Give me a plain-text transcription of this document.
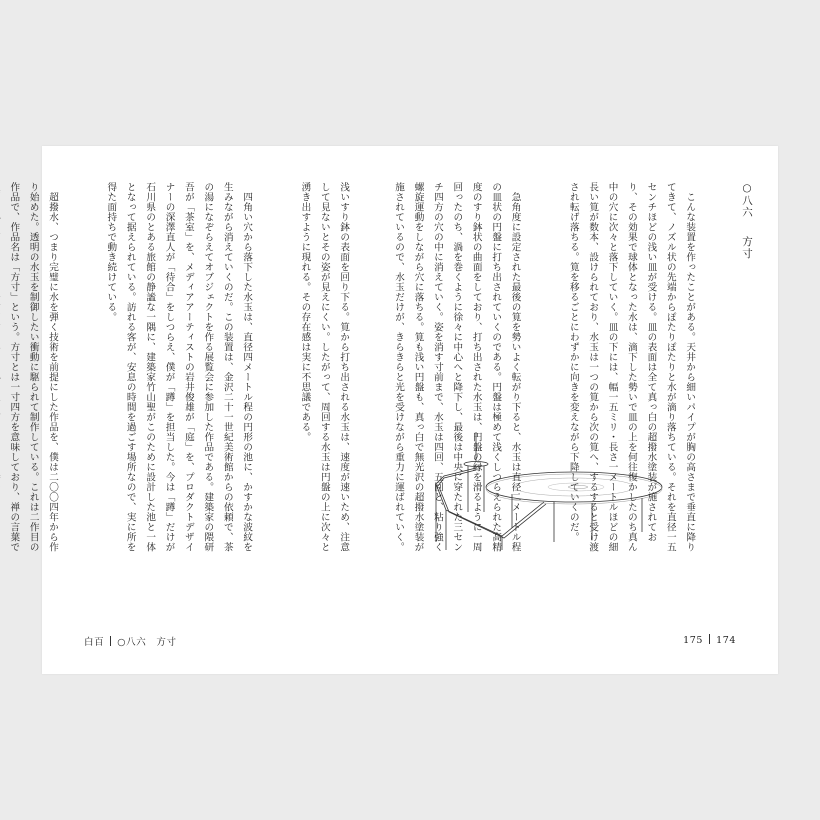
浅いすり鉢の表面を回り下る。筧から打ち出される水玉は、速度が速いため、注意して見ないとその姿が見えにくい。したがって、周回する水玉は円盤の上に次々と湧き出すように現れる。その存在感は実に不思議である。

　四角い穴から落下した水玉は、直径四メートル程の円形の池に、かすかな波紋を生みながら消えていくのだ。この装置は、金沢二十一世紀美術館からの依頼で、茶の湯になぞらえてオブジェクトを作る展覧会に参加した作品である。建築家の隈研吾が「茶室」を、メディアアーティストの岩井俊雄が「庭」を、プロダクトデザイナーの深澤直人が「待合」をしつらえ、僕が「蹲」を担当した。今は「蹲」だけが石川県のとある旅館の静謐な一隅に、建築家竹山聖がこのために設計した池と一体となって据えられている。訪れる客が、安息の時間を過ごす場所なので、実に所を得た面持ちで動き続けている。

　超撥水、つまり完璧に水を弾く技術を前提にした作品を、僕は二〇〇四年から作り始めた。透明の水玉を制御したい衝動に駆られて制作している。これは二作目の作品で、作品名は「方寸」という。方寸とは一寸四方を意味しており、禅の言葉で

白百 ○八六　方寸
○八六方寸

　こんな装置を作ったことがある。天井から細いパイプが胸の高さまで垂直に降りてきて、ノズル状の先端からぽたりぽたりと水が滴り落ちている。それを直径一五センチほどの浅い皿が受ける。皿の表面は全て真っ白の超撥水塗装が施されており、その効果で球体となった水は、滴下した勢いで皿の上を何往復かしたのち真ん中の穴に次々と落下していく。皿の下には、幅一五ミリ・長さ一メートルほどの細長い筧が数本、設けられており、水玉は一つの筧から次の筧へ、するすると受け渡され転げ落ちる。筧を移るごとにわずかに向きを変えながら下降していくのだ。

　急角度に設定された最後の筧を勢いよく転がり下ると、水玉は直径二メートル程の皿状の円盤に打ち出されていくのである。円盤は極めて浅くしつらえられた高精度のすり鉢状の曲面をしており、打ち出された水玉は、円盤の縁を滑るように一周回ったのち、渦を巻くように徐々に中心へと降下し、最後は中央に穿たれた三センチ四方の穴の中に消えていく。姿を消す寸前まで、水玉は四回、五回と、粘り強く螺旋運動をしながら穴に落ちる。筧も浅い円盤も、真っ白で無光沢の超撥水塗装が施されているので、水玉だけが、きらきらと光を受けながら重力に運ばれていく。

175 174
